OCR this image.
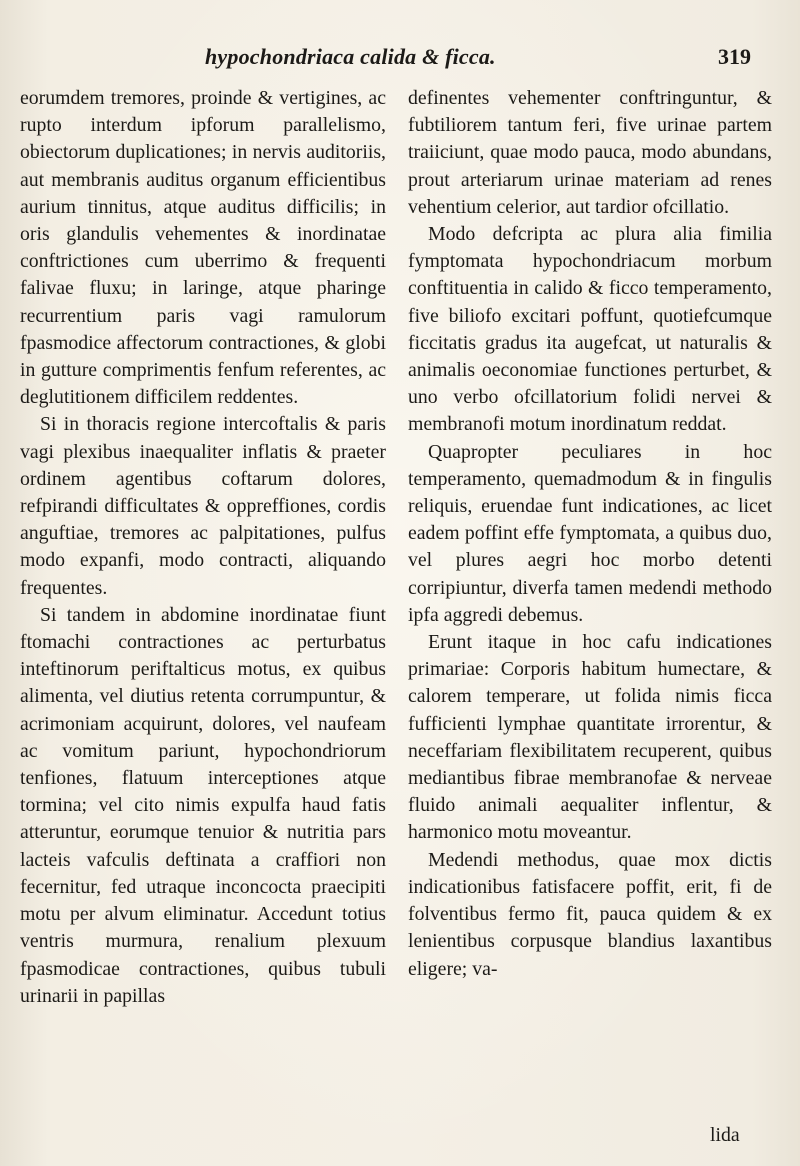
hypochondriaca calida & ficca.	319

eorumdem tremores, proinde & vertigines, ac rupto interdum ipforum parallelismo, obiectorum duplicationes; in nervis auditoriis, aut membranis auditus organum efficientibus aurium tinnitus, atque auditus difficilis; in oris glandulis vehementes & inordinatae conftrictiones cum uberrimo & frequenti falivae fluxu; in laringe, atque pharinge recurrentium paris vagi ramulorum fpasmodice affectorum contractiones, & globi in gutture comprimentis fenfum referentes, ac deglutitionem difficilem reddentes.

Si in thoracis regione intercoftalis & paris vagi plexibus inaequaliter inflatis & praeter ordinem agentibus coftarum dolores, refpirandi difficultates & oppreffiones, cordis anguftiae, tremores ac palpitationes, pulfus modo expanfi, modo contracti, aliquando frequentes.

Si tandem in abdomine inordinatae fiunt ftomachi contractiones ac perturbatus inteftinorum periftalticus motus, ex quibus alimenta, vel diutius retenta corrumpuntur, & acrimoniam acquirunt, dolores, vel naufeam ac vomitum pariunt, hypochondriorum tenfiones, flatuum interceptiones atque tormina; vel cito nimis expulfa haud fatis atteruntur, eorumque tenuior & nutritia pars lacteis vafculis deftinata a craffiori non fecernitur, fed utraque inconcocta praecipiti motu per alvum eliminatur. Accedunt totius ventris murmura, renalium plexuum fpasmodicae contractiones, quibus tubuli urinarii in papillas

definentes vehementer conftringuntur, & fubtiliorem tantum feri, five urinae partem traiiciunt, quae modo pauca, modo abundans, prout arteriarum urinae materiam ad renes vehentium celerior, aut tardior ofcillatio.

Modo defcripta ac plura alia fimilia fymptomata hypochondriacum morbum conftituentia in calido & ficco temperamento, five biliofo excitari poffunt, quotiefcumque ficcitatis gradus ita augefcat, ut naturalis & animalis oeconomiae functiones perturbet, & uno verbo ofcillatorium folidi nervei & membranofi motum inordinatum reddat.

Quapropter peculiares in hoc temperamento, quemadmodum & in fingulis reliquis, eruendae funt indicationes, ac licet eadem poffint effe fymptomata, a quibus duo, vel plures aegri hoc morbo detenti corripiuntur, diverfa tamen medendi methodo ipfa aggredi debemus.

Erunt itaque in hoc cafu indicationes primariae: Corporis habitum humectare, & calorem temperare, ut folida nimis ficca fufficienti lymphae quantitate irrorentur, & neceffariam flexibilitatem recuperent, quibus mediantibus fibrae membranofae & nerveae fluido animali aequaliter inflentur, & harmonico motu moveantur.

Medendi methodus, quae mox dictis indicationibus fatisfacere poffit, erit, fi de folventibus fermo fit, pauca quidem & ex lenientibus corpusque blandius laxantibus eligere; va-

lida
